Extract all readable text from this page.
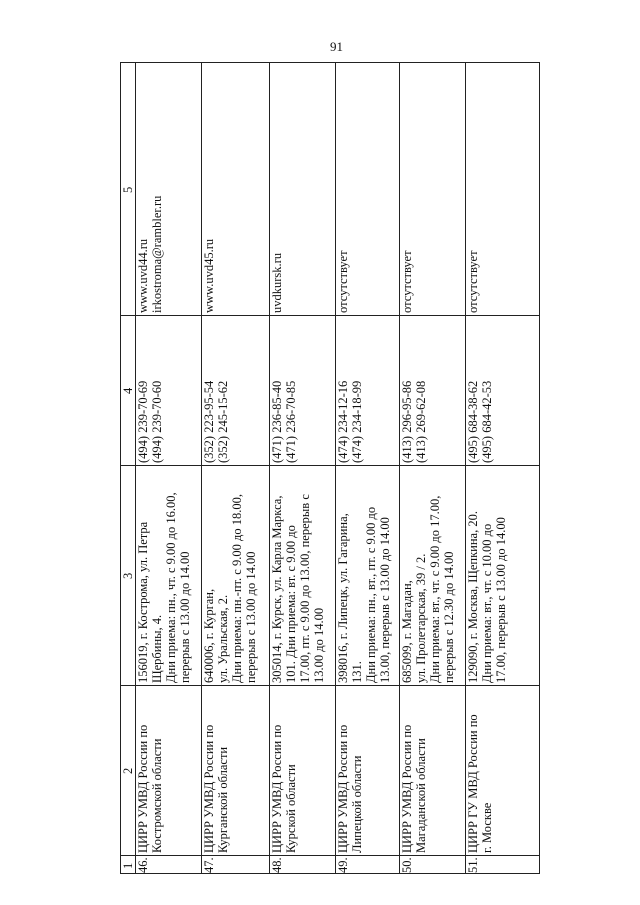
91
1
2
3
4
5
46.
ЦИРР УМВД России по Костромской области
156019, г. Кострома, ул. Петра Щербины, 4. Дни приема: пн., чт. с 9.00 до 16.00, перерыв с 13.00 до 14.00
(494) 239-70-69 (494) 239-70-60
www.uvd44.ru irkostroma@rambler.ru
47.
ЦИРР УМВД России по Курганской области
640006, г. Курган, ул. Уральская, 2. Дни приема: пн.-пт. с 9.00 до 18.00, перерыв с 13.00 до 14.00
(352) 223-95-54 (352) 245-15-62
www.uvd45.ru
48.
ЦИРР УМВД России по Курской области
305014, г. Курск, ул. Карла Маркса, 101. Дни приема: вт. с 9.00 до 17.00, пт. с 9.00 до 13.00, перерыв с 13.00 до 14.00
(471) 236-85-40 (471) 236-70-85
uvdkursk.ru
49.
ЦИРР УМВД России по Липецкой области
398016, г. Липецк, ул. Гагарина, 131. Дни приема: пн., вт., пт. с 9.00 до 13.00, перерыв с 13.00 до 14.00
(474) 234-12-16 (474) 234-18-99
отсутствует
50.
ЦИРР УМВД России по Магаданской области
685099, г. Магадан, ул. Пролетарская, 39 / 2. Дни приема: вт., чт. с 9.00 до 17.00, перерыв с 12.30 до 14.00
(413) 296-95-86 (413) 269-62-08
отсутствует
51.
ЦИРР ГУ МВД России по г. Москве
129090, г. Москва, Щепкина, 20. Дни приема: вт., чт. с 10.00 до 17.00, перерыв с 13.00 до 14.00
(495) 684-38-62 (495) 684-42-53
отсутствует
